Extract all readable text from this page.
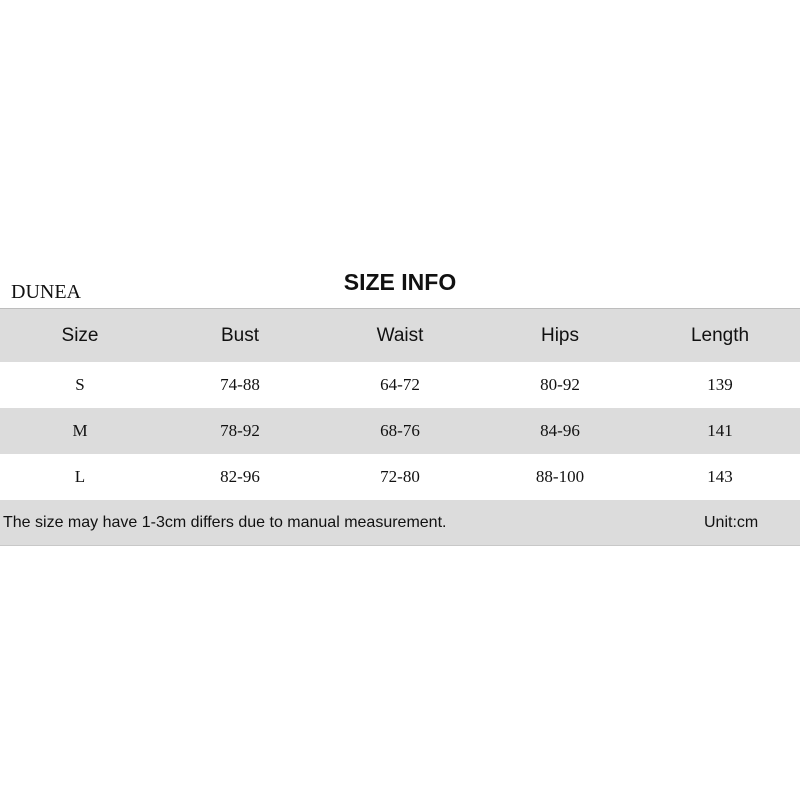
DUNEA	SIZE INFO
Size	Bust	Waist	Hips	Length
S	74-88	64-72	80-92	139
M	78-92	68-76	84-96	141
L	82-96	72-80	88-100	143
The size may have 1-3cm differs due to manual measurement.	Unit:cm
